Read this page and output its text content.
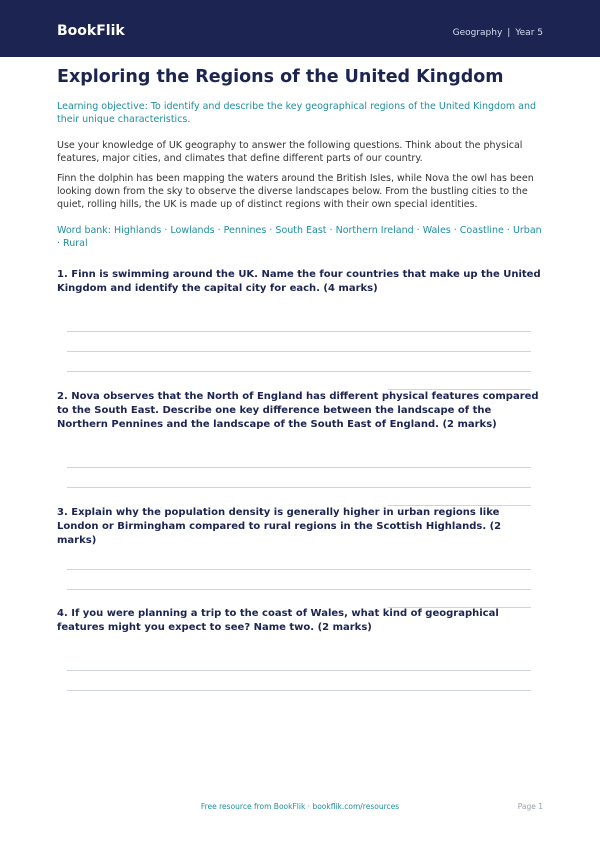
BookFlik	Geography | Year 5
Exploring the Regions of the United Kingdom
Learning objective: To identify and describe the key geographical regions of the United Kingdom and their unique characteristics.
Use your knowledge of UK geography to answer the following questions. Think about the physical features, major cities, and climates that define different parts of our country.
Finn the dolphin has been mapping the waters around the British Isles, while Nova the owl has been looking down from the sky to observe the diverse landscapes below. From the bustling cities to the quiet, rolling hills, the UK is made up of distinct regions with their own special identities.
Word bank: Highlands · Lowlands · Pennines · South East · Northern Ireland · Wales · Coastline · Urban · Rural
1. Finn is swimming around the UK. Name the four countries that make up the United Kingdom and identify the capital city for each. (4 marks)
2. Nova observes that the North of England has different physical features compared to the South East. Describe one key difference between the landscape of the Northern Pennines and the landscape of the South East of England. (2 marks)
3. Explain why the population density is generally higher in urban regions like London or Birmingham compared to rural regions in the Scottish Highlands. (2 marks)
4. If you were planning a trip to the coast of Wales, what kind of geographical features might you expect to see? Name two. (2 marks)
Free resource from BookFlik · bookflik.com/resources	Page 1
